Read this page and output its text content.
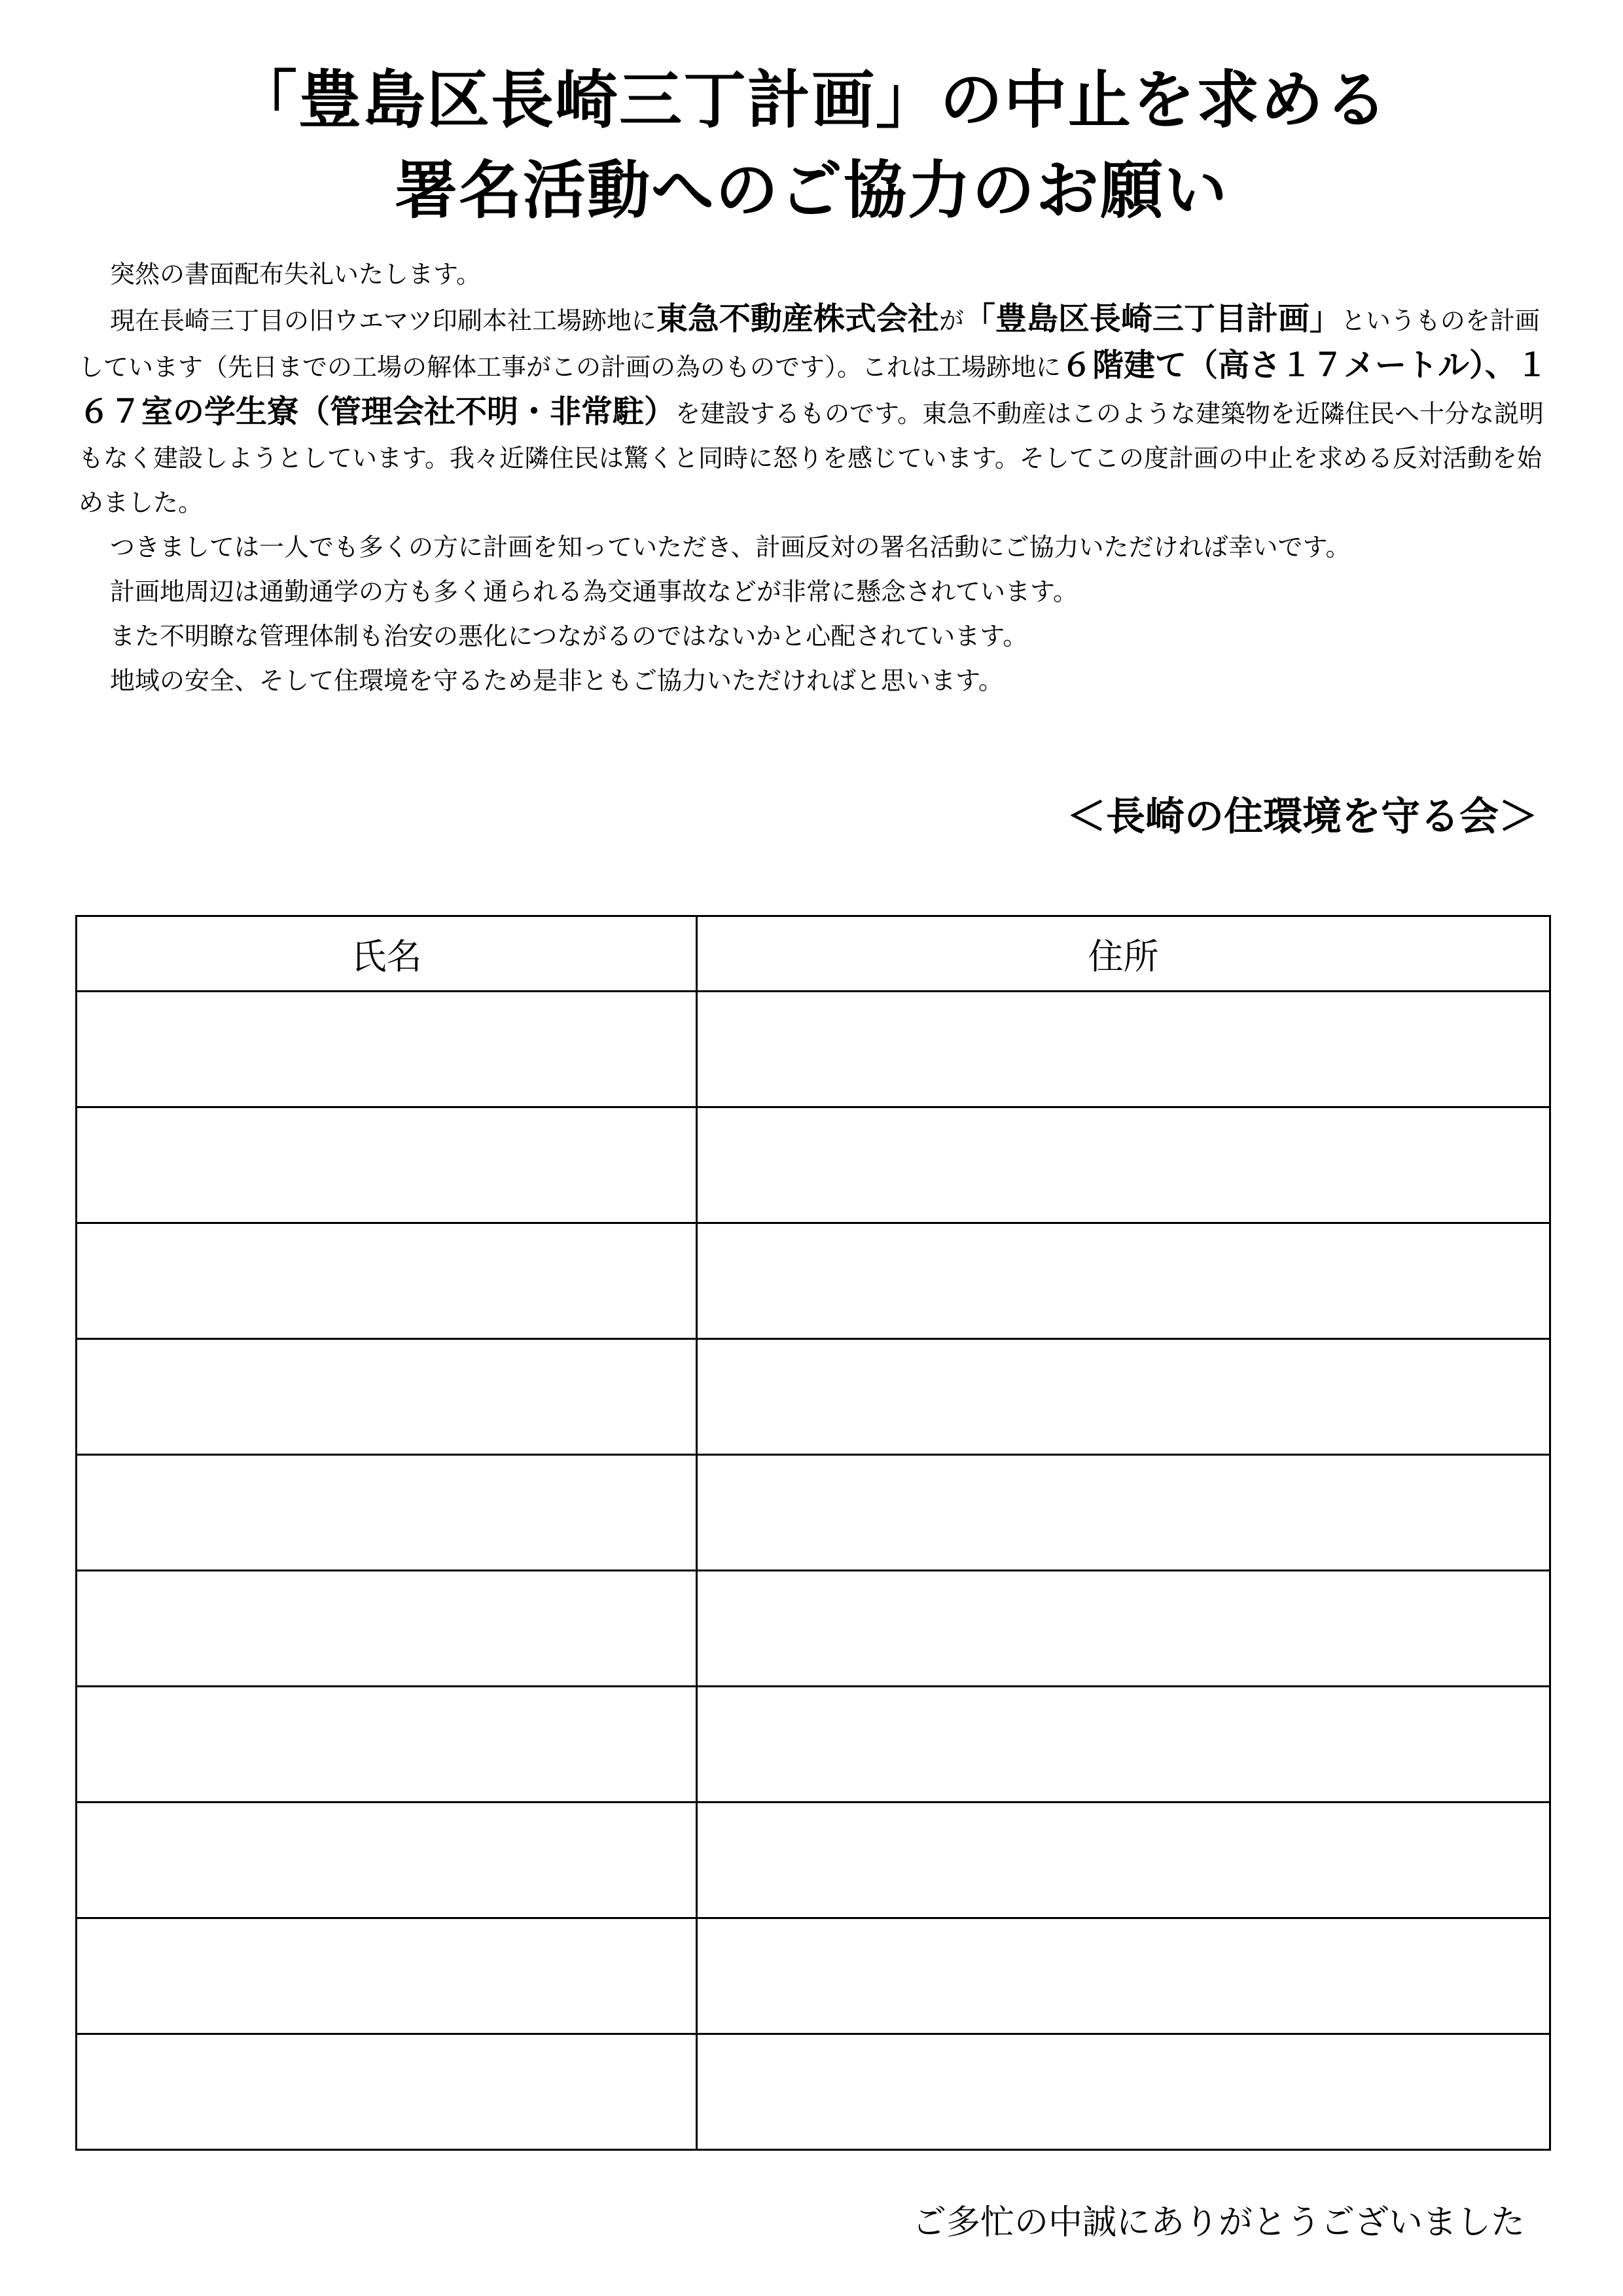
「豊島区長崎三丁計画」の中止を求める
署名活動へのご協力のお願い

突然の書面配布失礼いたします。

現在長崎三丁目の旧ウエマツ印刷本社工場跡地に東急不動産株式会社が「豊島区長崎三丁目計画」というものを計画しています（先日までの工場の解体工事がこの計画の為のものです）。これは工場跡地に６階建て（高さ１７メートル）、１６７室の学生寮（管理会社不明・非常駐）を建設するものです。東急不動産はこのような建築物を近隣住民へ十分な説明もなく建設しようとしています。我々近隣住民は驚くと同時に怒りを感じています。そしてこの度計画の中止を求める反対活動を始めました。

つきましては一人でも多くの方に計画を知っていただき、計画反対の署名活動にご協力いただければ幸いです。

計画地周辺は通勤通学の方も多く通られる為交通事故などが非常に懸念されています。

また不明瞭な管理体制も治安の悪化につながるのではないかと心配されています。

地域の安全、そして住環境を守るため是非ともご協力いただければと思います。

＜長崎の住環境を守る会＞
氏名	住所

ご多忙の中誠にありがとうございました
